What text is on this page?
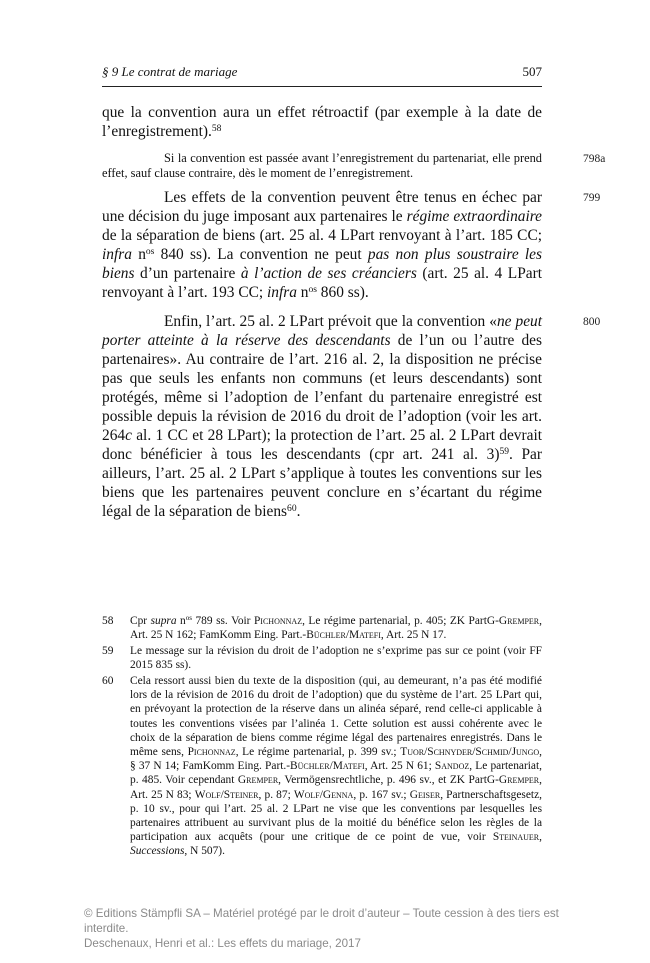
§ 9 Le contrat de mariage	507
que la convention aura un effet rétroactif (par exemple à la date de l’enregistrement).$^{58}$
Si la convention est passée avant l’enregistrement du partenariat, elle prend effet, sauf clause contraire, dès le moment de l’enregistrement.
798a
Les effets de la convention peuvent être tenus en échec par une décision du juge imposant aux partenaires le régime extraordinaire de la séparation de biens (art. 25 al. 4 LPart renvoyant à l’art. 185 CC; infra $n^{os}$ 840 ss). La convention ne peut pas non plus soustraire les biens d’un partenaire à l’action de ses créanciers (art. 25 al. 4 LPart renvoyant à l’art. 193 CC; infra $n^{os}$ 860 ss).
799
Enfin, l’art. 25 al. 2 LPart prévoit que la convention «ne peut porter atteinte à la réserve des descendants de l’un ou l’autre des partenaires». Au contraire de l’art. 216 al. 2, la disposition ne précise pas que seuls les enfants non communs (et leurs descendants) sont protégés, même si l’adoption de l’enfant du partenaire enregistré est possible depuis la révision de 2016 du droit de l’adoption (voir les art. 264c al. 1 CC et 28 LPart); la protection de l’art. 25 al. 2 LPart devrait donc bénéficier à tous les descendants (cpr art. 241 al. 3)$^{59}$. Par ailleurs, l’art. 25 al. 2 LPart s’applique à toutes les conventions sur les biens que les partenaires peuvent conclure en s’écartant du régime légal de la séparation de biens$^{60}$.
800
58	Cpr supra $n^{os}$ 789 ss. Voir Pichonnaz, Le régime partenarial, p. 405; ZK PartG-Gremper, Art. 25 N 162; FamKomm Eing. Part.-Büchler/Matefi, Art. 25 N 17.
59	Le message sur la révision du droit de l’adoption ne s’exprime pas sur ce point (voir FF 2015 835 ss).
60	Cela ressort aussi bien du texte de la disposition (qui, au demeurant, n’a pas été modifié lors de la révision de 2016 du droit de l’adoption) que du système de l’art. 25 LPart qui, en prévoyant la protection de la réserve dans un alinéa séparé, rend celle-ci applicable à toutes les conventions visées par l’alinéa 1. Cette solution est aussi cohérente avec le choix de la séparation de biens comme régime légal des partenaires enregistrés. Dans le même sens, Pichonnaz, Le régime partenarial, p. 399 sv.; Tuor/Schnyder/Schmid/Jungo, § 37 N 14; FamKomm Eing. Part.-Büchler/Matefi, Art. 25 N 61; Sandoz, Le partenariat, p. 485. Voir cependant Gremper, Vermögensrechtliche, p. 496 sv., et ZK PartG-Gremper, Art. 25 N 83; Wolf/Steiner, p. 87; Wolf/Genna, p. 167 sv.; Geiser, Partnerschaftsgesetz, p. 10 sv., pour qui l’art. 25 al. 2 LPart ne vise que les conventions par lesquelles les partenaires attribuent au survivant plus de la moitié du bénéfice selon les règles de la participation aux acquêts (pour une critique de ce point de vue, voir Steinauer, Successions, N 507).
© Editions Stämpfli SA – Matériel protégé par le droit d’auteur – Toute cession à des tiers est interdite.
Deschenaux, Henri et al.: Les effets du mariage, 2017
